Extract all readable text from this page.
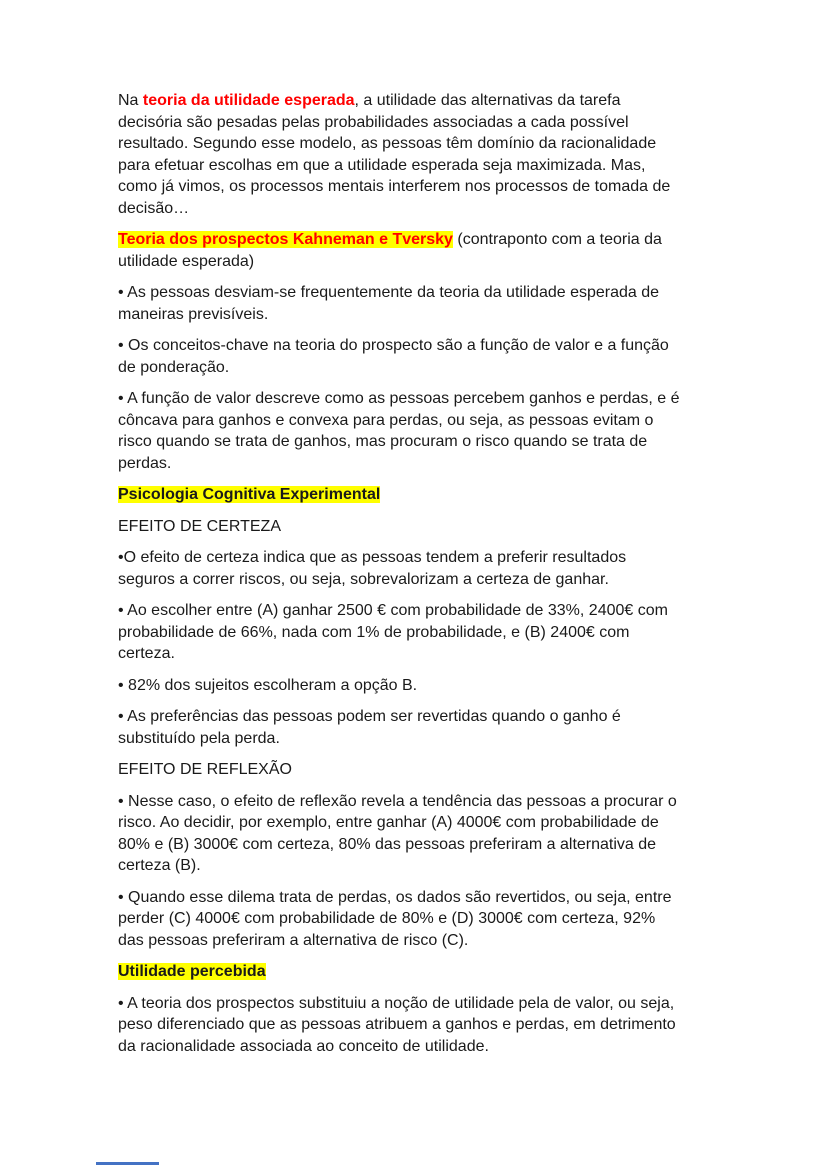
Na teoria da utilidade esperada, a utilidade das alternativas da tarefa
decisória são pesadas pelas probabilidades associadas a cada possível
resultado. Segundo esse modelo, as pessoas têm domínio da racionalidade
para efetuar escolhas em que a utilidade esperada seja maximizada. Mas,
como já vimos, os processos mentais interferem nos processos de tomada de
decisão…
Teoria dos prospectos Kahneman e Tversky (contraponto com a teoria da
utilidade esperada)
• As pessoas desviam-se frequentemente da teoria da utilidade esperada de
maneiras previsíveis.
• Os conceitos-chave na teoria do prospecto são a função de valor e a função
de ponderação.
• A função de valor descreve como as pessoas percebem ganhos e perdas, e é
côncava para ganhos e convexa para perdas, ou seja, as pessoas evitam o
risco quando se trata de ganhos, mas procuram o risco quando se trata de
perdas.
Psicologia Cognitiva Experimental
EFEITO DE CERTEZA
•O efeito de certeza indica que as pessoas tendem a preferir resultados
seguros a correr riscos, ou seja, sobrevalorizam a certeza de ganhar.
• Ao escolher entre (A) ganhar 2500 € com probabilidade de 33%, 2400€ com
probabilidade de 66%, nada com 1% de probabilidade, e (B) 2400€ com
certeza.
• 82% dos sujeitos escolheram a opção B.
• As preferências das pessoas podem ser revertidas quando o ganho é
substituído pela perda.
EFEITO DE REFLEXÃO
• Nesse caso, o efeito de reflexão revela a tendência das pessoas a procurar o
risco. Ao decidir, por exemplo, entre ganhar (A) 4000€ com probabilidade de
80% e (B) 3000€ com certeza, 80% das pessoas preferiram a alternativa de
certeza (B).
• Quando esse dilema trata de perdas, os dados são revertidos, ou seja, entre
perder (C) 4000€ com probabilidade de 80% e (D) 3000€ com certeza, 92%
das pessoas preferiram a alternativa de risco (C).
Utilidade percebida
• A teoria dos prospectos substituiu a noção de utilidade pela de valor, ou seja,
peso diferenciado que as pessoas atribuem a ganhos e perdas, em detrimento
da racionalidade associada ao conceito de utilidade.
